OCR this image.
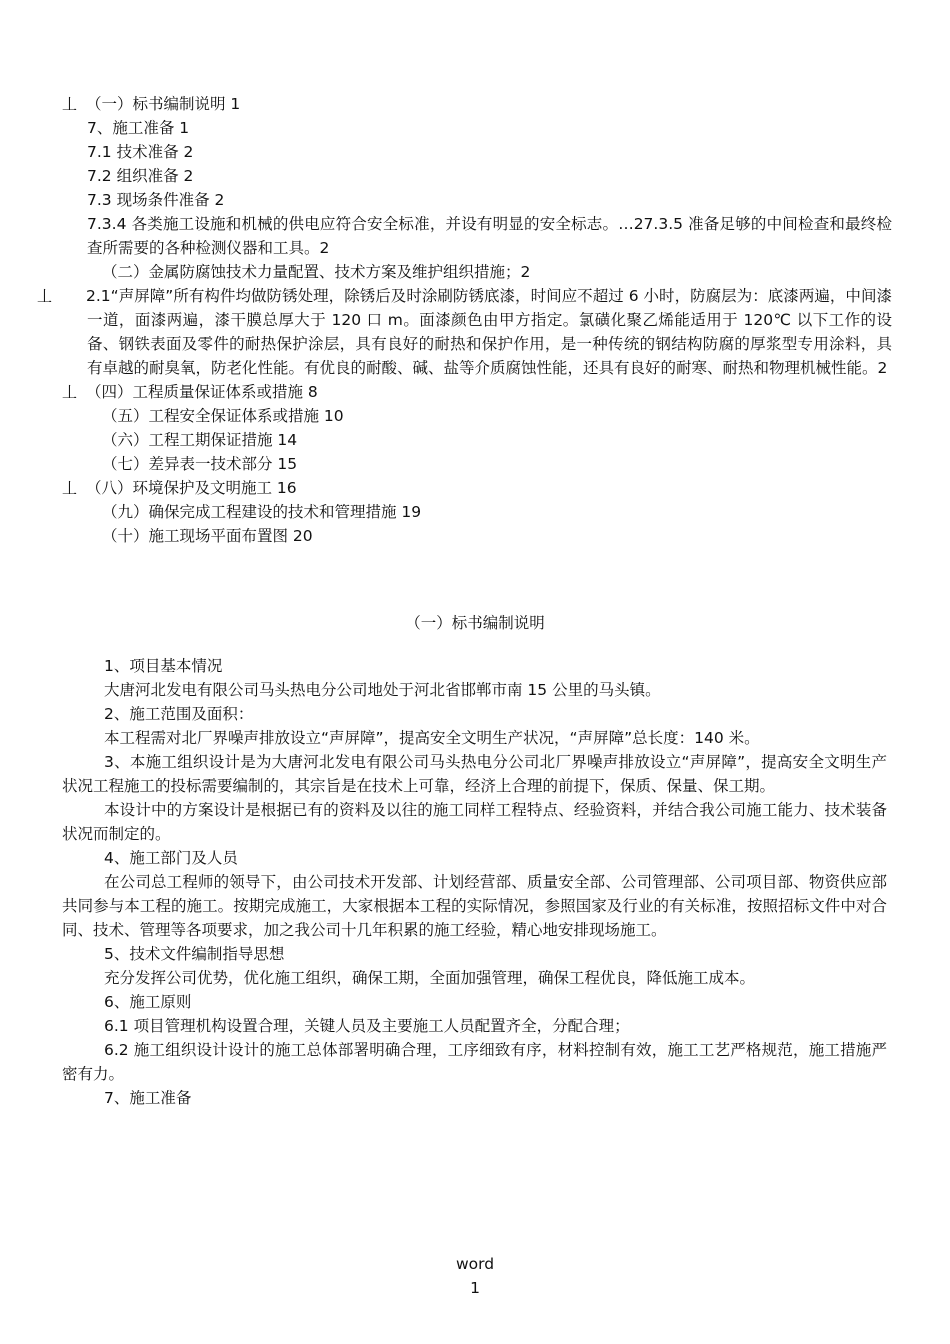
丄 （一）标书编制说明 1
7、施工准备 1
7.1 技术准备 2
7.2 组织准备 2
7.3 现场条件准备 2
7.3.4 各类施工设施和机械的供电应符合安全标准，并设有明显的安全标志。…27.3.5 准备足够的中间检查和最终检查所需要的各种检测仪器和工具。2
（二）金属防腐蚀技术力量配置、技术方案及维护组织措施；2
丄 2.1“声屏障”所有构件均做防锈处理，除锈后及时涂刷防锈底漆，时间应不超过 6 小时，防腐层为：底漆两遍，中间漆一道，面漆两遍，漆干膜总厚大于 120 口 m。面漆颜色由甲方指定。氯磺化聚乙烯能适用于 120℃ 以下工作的设备、钢铁表面及零件的耐热保护涂层，具有良好的耐热和保护作用，是一种传统的钢结构防腐的厚浆型专用涂料，具有卓越的耐臭氧，防老化性能。有优良的耐酸、碱、盐等介质腐蚀性能，还具有良好的耐寒、耐热和物理机械性能。2
丄 （四）工程质量保证体系或措施 8
（五）工程安全保证体系或措施 10
（六）工程工期保证措施 14
（七）差异表一技术部分 15
丄 （八）环境保护及文明施工 16
（九）确保完成工程建设的技术和管理措施 19
（十）施工现场平面布置图 20
（一）标书编制说明

1、项目基本情况

大唐河北发电有限公司马头热电分公司地处于河北省邯郸市南 15 公里的马头镇。

2、施工范围及面积：

本工程需对北厂界噪声排放设立“声屏障”，提高安全文明生产状况，“声屏障”总长度：140 米。

3、本施工组织设计是为大唐河北发电有限公司马头热电分公司北厂界噪声排放设立“声屏障”，提高安全文明生产状况工程施工的投标需要编制的，其宗旨是在技术上可靠，经济上合理的前提下，保质、保量、保工期。

本设计中的方案设计是根据已有的资料及以往的施工同样工程特点、经验资料，并结合我公司施工能力、技术装备状况而制定的。

4、施工部门及人员

在公司总工程师的领导下，由公司技术开发部、计划经营部、质量安全部、公司管理部、公司项目部、物资供应部共同参与本工程的施工。按期完成施工，大家根据本工程的实际情况，参照国家及行业的有关标准，按照招标文件中对合同、技术、管理等各项要求，加之我公司十几年积累的施工经验，精心地安排现场施工。

5、技术文件编制指导思想

充分发挥公司优势，优化施工组织，确保工期，全面加强管理，确保工程优良，降低施工成本。

6、施工原则

6.1 项目管理机构设置合理，关键人员及主要施工人员配置齐全，分配合理；

6.2 施工组织设计设计的施工总体部署明确合理，工序细致有序，材料控制有效，施工工艺严格规范，施工措施严密有力。

7、施工准备

word
1
